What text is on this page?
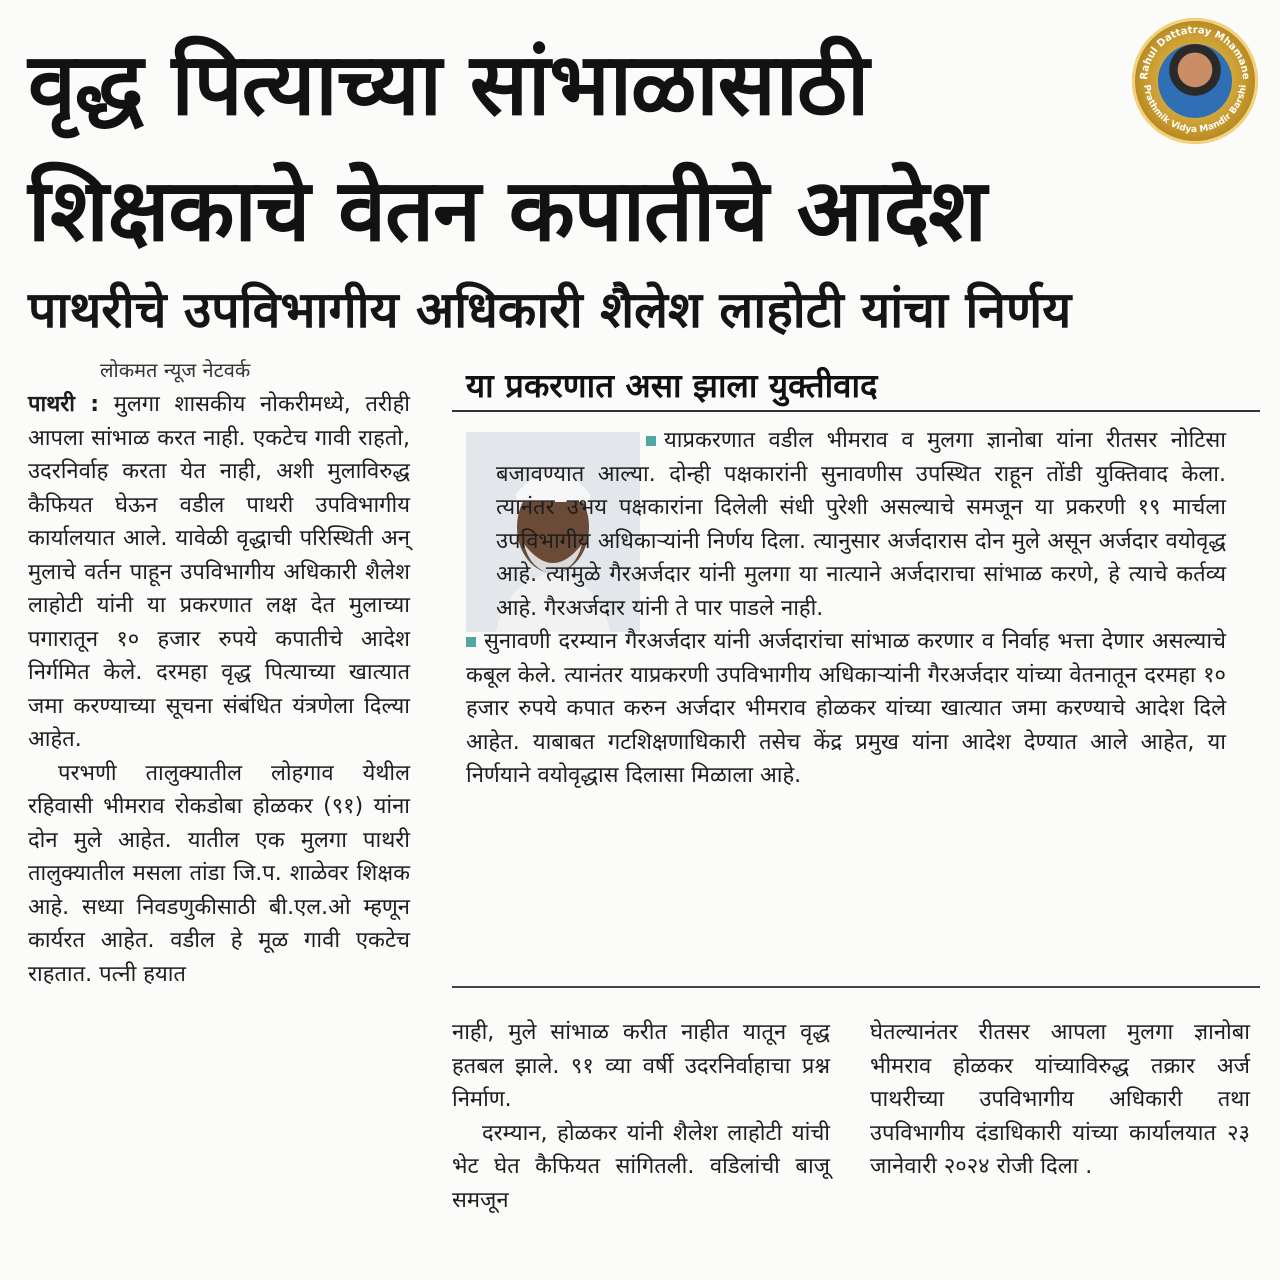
वृद्ध पित्याच्या सांभाळासाठी
शिक्षकाचे वेतन कपातीचे आदेश
Rahul Dattatray Mhamane
Prathmik Vidya Mandir Barshi
पाथरीचे उपविभागीय अधिकारी शैलेश लाहोटी यांचा निर्णय
लोकमत न्यूज नेटवर्क

पाथरी : मुलगा शासकीय नोकरीमध्ये, तरीही आपला सांभाळ करत नाही. एकटेच गावी राहतो, उदरनिर्वाह करता येत नाही, अशी मुलाविरुद्ध कैफियत घेऊन वडील पाथरी उपविभागीय कार्यालयात आले. यावेळी वृद्धाची परिस्थिती अन् मुलाचे वर्तन पाहून उपविभागीय अधिकारी शैलेश लाहोटी यांनी या प्रकरणात लक्ष देत मुलाच्या पगारातून १० हजार रुपये कपातीचे आदेश निर्गमित केले. दरमहा वृद्ध पित्याच्या खात्यात जमा करण्याच्या सूचना संबंधित यंत्रणेला दिल्या आहेत.

परभणी तालुक्यातील लोहगाव येथील रहिवासी भीमराव रोकडोबा होळकर (९१) यांना दोन मुले आहेत. यातील एक मुलगा पाथरी तालुक्यातील मसला तांडा जि.प. शाळेवर शिक्षक आहे. सध्या निवडणुकीसाठी बी.एल.ओ म्हणून कार्यरत आहेत. वडील हे मूळ गावी एकटेच राहतात. पत्नी हयात

या प्रकरणात असा झाला युक्तीवाद

याप्रकरणात वडील भीमराव व मुलगा ज्ञानोबा यांना रीतसर नोटिसा बजावण्यात आल्या. दोन्ही पक्षकारांनी सुनावणीस उपस्थित राहून तोंडी युक्तिवाद केला. त्यानंतर उभय पक्षकारांना दिलेली संधी पुरेशी असल्याचे समजून या प्रकरणी १९ मार्चला उपविभागीय अधिकाऱ्यांनी निर्णय दिला. त्यानुसार अर्जदारास दोन मुले असून अर्जदार वयोवृद्ध आहे. त्यामुळे गैरअर्जदार यांनी मुलगा या नात्याने अर्जदाराचा सांभाळ करणे, हे त्याचे कर्तव्य आहे. गैरअर्जदार यांनी ते पार पाडले नाही.

सुनावणी दरम्यान गैरअर्जदार यांनी अर्जदारांचा सांभाळ करणार व निर्वाह भत्ता देणार असल्याचे कबूल केले. त्यानंतर याप्रकरणी उपविभागीय अधिकाऱ्यांनी गैरअर्जदार यांच्या वेतनातून दरमहा १० हजार रुपये कपात करुन अर्जदार भीमराव होळकर यांच्या खात्यात जमा करण्याचे आदेश दिले आहेत. याबाबत गटशिक्षणाधिकारी तसेच केंद्र प्रमुख यांना आदेश देण्यात आले आहेत, या निर्णयाने वयोवृद्धास दिलासा मिळाला आहे.

नाही, मुले सांभाळ करीत नाहीत यातून वृद्ध हतबल झाले. ९१ व्या वर्षी उदरनिर्वाहाचा प्रश्न निर्माण.

दरम्यान, होळकर यांनी शैलेश लाहोटी यांची भेट घेत कैफियत सांगितली. वडिलांची बाजू समजून

घेतल्यानंतर रीतसर आपला मुलगा ज्ञानोबा भीमराव होळकर यांच्याविरुद्ध तक्रार अर्ज पाथरीच्या उपविभागीय अधिकारी तथा उपविभागीय दंडाधिकारी यांच्या कार्यालयात २३ जानेवारी २०२४ रोजी दिला .
